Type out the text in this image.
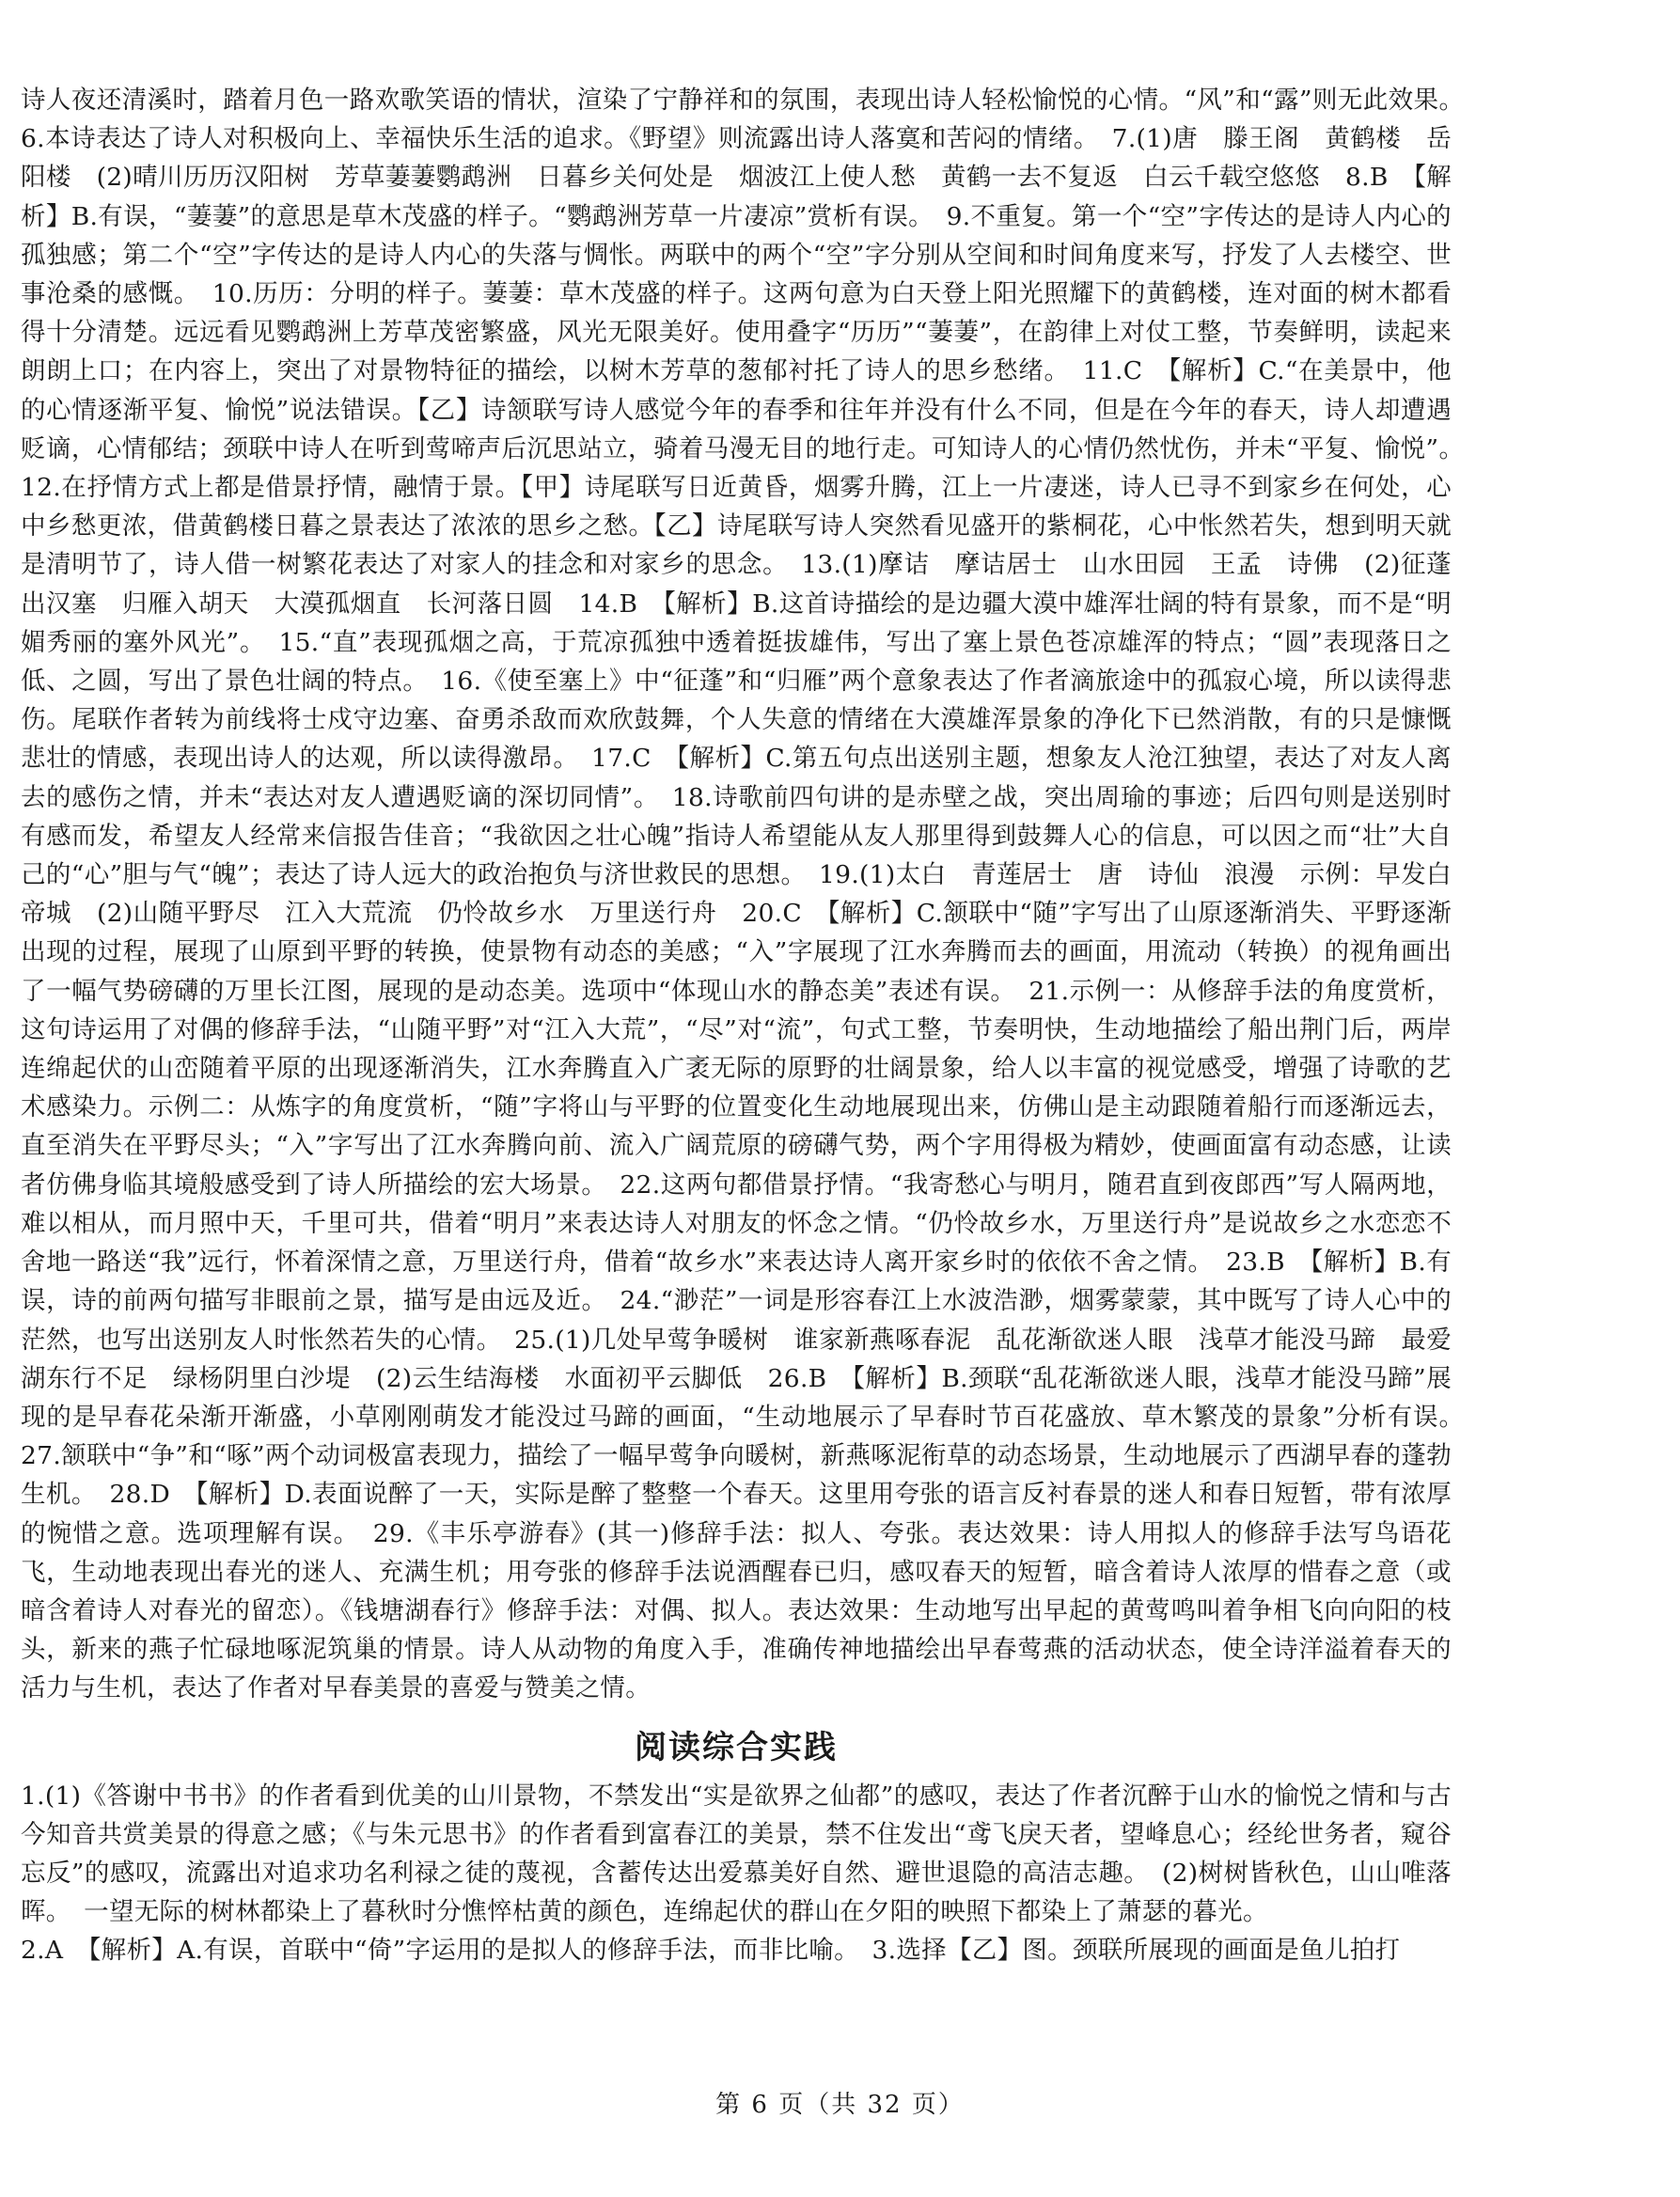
诗人夜还清溪时，踏着月色一路欢歌笑语的情状，渲染了宁静祥和的氛围，表现出诗人轻松愉悦的心情。“风”和“露”则无此效果。　6.本诗表达了诗人对积极向上、幸福快乐生活的追求。《野望》则流露出诗人落寞和苦闷的情绪。　7.(1)唐　滕王阁　黄鹤楼　岳阳楼　(2)晴川历历汉阳树　芳草萋萋鹦鹉洲　日暮乡关何处是　烟波江上使人愁　黄鹤一去不复返　白云千载空悠悠　8.B　【解析】B.有误，“萋萋”的意思是草木茂盛的样子。“鹦鹉洲芳草一片凄凉”赏析有误。　9.不重复。第一个“空”字传达的是诗人内心的孤独感；第二个“空”字传达的是诗人内心的失落与惆怅。两联中的两个“空”字分别从空间和时间角度来写，抒发了人去楼空、世事沧桑的感慨。　10.历历：分明的样子。萋萋：草木茂盛的样子。这两句意为白天登上阳光照耀下的黄鹤楼，连对面的树木都看得十分清楚。远远看见鹦鹉洲上芳草茂密繁盛，风光无限美好。使用叠字“历历”“萋萋”，在韵律上对仗工整，节奏鲜明，读起来朗朗上口；在内容上，突出了对景物特征的描绘，以树木芳草的葱郁衬托了诗人的思乡愁绪。　11.C　【解析】C.“在美景中，他的心情逐渐平复、愉悦”说法错误。【乙】诗颔联写诗人感觉今年的春季和往年并没有什么不同，但是在今年的春天，诗人却遭遇贬谪，心情郁结；颈联中诗人在听到莺啼声后沉思站立，骑着马漫无目的地行走。可知诗人的心情仍然忧伤，并未“平复、愉悦”。　12.在抒情方式上都是借景抒情，融情于景。【甲】诗尾联写日近黄昏，烟雾升腾，江上一片凄迷，诗人已寻不到家乡在何处，心中乡愁更浓，借黄鹤楼日暮之景表达了浓浓的思乡之愁。【乙】诗尾联写诗人突然看见盛开的紫桐花，心中怅然若失，想到明天就是清明节了，诗人借一树繁花表达了对家人的挂念和对家乡的思念。　13.(1)摩诘　摩诘居士　山水田园　王孟　诗佛　(2)征蓬出汉塞　归雁入胡天　大漠孤烟直　长河落日圆　14.B　【解析】B.这首诗描绘的是边疆大漠中雄浑壮阔的特有景象，而不是“明媚秀丽的塞外风光”。　15.“直”表现孤烟之高，于荒凉孤独中透着挺拔雄伟，写出了塞上景色苍凉雄浑的特点；“圆”表现落日之低、之圆，写出了景色壮阔的特点。　16.《使至塞上》中“征蓬”和“归雁”两个意象表达了作者滴旅途中的孤寂心境，所以读得悲伤。尾联作者转为前线将士戍守边塞、奋勇杀敌而欢欣鼓舞，个人失意的情绪在大漠雄浑景象的净化下已然消散，有的只是慷慨悲壮的情感，表现出诗人的达观，所以读得激昂。　17.C　【解析】C.第五句点出送别主题，想象友人沧江独望，表达了对友人离去的感伤之情，并未“表达对友人遭遇贬谪的深切同情”。　18.诗歌前四句讲的是赤壁之战，突出周瑜的事迹；后四句则是送别时有感而发，希望友人经常来信报告佳音；“我欲因之壮心魄”指诗人希望能从友人那里得到鼓舞人心的信息，可以因之而“壮”大自己的“心”胆与气“魄”；表达了诗人远大的政治抱负与济世救民的思想。　19.(1)太白　青莲居士　唐　诗仙　浪漫　示例：早发白帝城　(2)山随平野尽　江入大荒流　仍怜故乡水　万里送行舟　20.C　【解析】C.颔联中“随”字写出了山原逐渐消失、平野逐渐出现的过程，展现了山原到平野的转换，使景物有动态的美感；“入”字展现了江水奔腾而去的画面，用流动（转换）的视角画出了一幅气势磅礴的万里长江图，展现的是动态美。选项中“体现山水的静态美”表述有误。　21.示例一：从修辞手法的角度赏析，这句诗运用了对偶的修辞手法，“山随平野”对“江入大荒”，“尽”对“流”，句式工整，节奏明快，生动地描绘了船出荆门后，两岸连绵起伏的山峦随着平原的出现逐渐消失，江水奔腾直入广袤无际的原野的壮阔景象，给人以丰富的视觉感受，增强了诗歌的艺术感染力。示例二：从炼字的角度赏析，“随”字将山与平野的位置变化生动地展现出来，仿佛山是主动跟随着船行而逐渐远去，直至消失在平野尽头；“入”字写出了江水奔腾向前、流入广阔荒原的磅礴气势，两个字用得极为精妙，使画面富有动态感，让读者仿佛身临其境般感受到了诗人所描绘的宏大场景。　22.这两句都借景抒情。“我寄愁心与明月，随君直到夜郎西”写人隔两地，难以相从，而月照中天，千里可共，借着“明月”来表达诗人对朋友的怀念之情。“仍怜故乡水，万里送行舟”是说故乡之水恋恋不舍地一路送“我”远行，怀着深情之意，万里送行舟，借着“故乡水”来表达诗人离开家乡时的依依不舍之情。　23.B　【解析】B.有误，诗的前两句描写非眼前之景，描写是由远及近。　24.“渺茫”一词是形容春江上水波浩渺，烟雾蒙蒙，其中既写了诗人心中的茫然，也写出送别友人时怅然若失的心情。　25.(1)几处早莺争暖树　谁家新燕啄春泥　乱花渐欲迷人眼　浅草才能没马蹄　最爱湖东行不足　绿杨阴里白沙堤　(2)云生结海楼　水面初平云脚低　26.B　【解析】B.颈联“乱花渐欲迷人眼，浅草才能没马蹄”展现的是早春花朵渐开渐盛，小草刚刚萌发才能没过马蹄的画面，“生动地展示了早春时节百花盛放、草木繁茂的景象”分析有误。　27.颔联中“争”和“啄”两个动词极富表现力，描绘了一幅早莺争向暖树，新燕啄泥衔草的动态场景，生动地展示了西湖早春的蓬勃生机。　28.D　【解析】D.表面说醉了一天，实际是醉了整整一个春天。这里用夸张的语言反衬春景的迷人和春日短暂，带有浓厚的惋惜之意。选项理解有误。　29.《丰乐亭游春》(其一)修辞手法：拟人、夸张。表达效果：诗人用拟人的修辞手法写鸟语花飞，生动地表现出春光的迷人、充满生机；用夸张的修辞手法说酒醒春已归，感叹春天的短暂，暗含着诗人浓厚的惜春之意（或暗含着诗人对春光的留恋）。《钱塘湖春行》修辞手法：对偶、拟人。表达效果：生动地写出早起的黄莺鸣叫着争相飞向向阳的枝头，新来的燕子忙碌地啄泥筑巢的情景。诗人从动物的角度入手，准确传神地描绘出早春莺燕的活动状态，使全诗洋溢着春天的活力与生机，表达了作者对早春美景的喜爱与赞美之情。

阅读综合实践

1.(1)《答谢中书书》的作者看到优美的山川景物，不禁发出“实是欲界之仙都”的感叹，表达了作者沉醉于山水的愉悦之情和与古今知音共赏美景的得意之感；《与朱元思书》的作者看到富春江的美景，禁不住发出“鸢飞戾天者，望峰息心；经纶世务者，窥谷忘反”的感叹，流露出对追求功名利禄之徒的蔑视，含蓄传达出爱慕美好自然、避世退隐的高洁志趣。　(2)树树皆秋色，山山唯落晖。　一望无际的树林都染上了暮秋时分憔悴枯黄的颜色，连绵起伏的群山在夕阳的映照下都染上了萧瑟的暮光。

2.A　【解析】A.有误，首联中“倚”字运用的是拟人的修辞手法，而非比喻。　3.选择【乙】图。颈联所展现的画面是鱼儿拍打

第 6 页（共 32 页）
